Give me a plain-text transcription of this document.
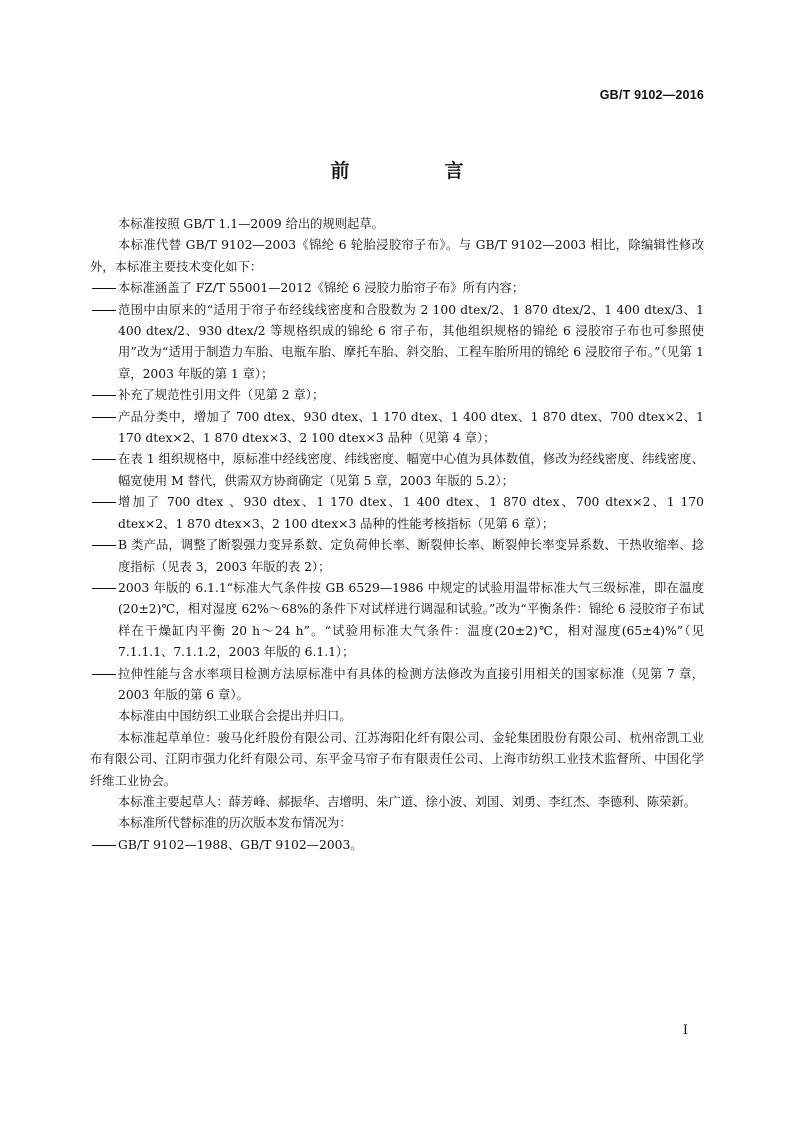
GB/T 9102—2016
前　言

本标准按照 GB/T 1.1—2009 给出的规则起草。

本标准代替 GB/T 9102—2003《锦纶 6 轮胎浸胶帘子布》。与 GB/T 9102—2003 相比，除编辑性修改外，本标准主要技术变化如下：

本标准涵盖了 FZ/T 55001—2012《锦纶 6 浸胶力胎帘子布》所有内容；
范围中由原来的“适用于帘子布经线线密度和合股数为 2 100 dtex/2、1 870 dtex/2、1 400 dtex/3、1 400 dtex/2、930 dtex/2 等规格织成的锦纶 6 帘子布，其他组织规格的锦纶 6 浸胶帘子布也可参照使用”改为“适用于制造力车胎、电瓶车胎、摩托车胎、斜交胎、工程车胎所用的锦纶 6 浸胶帘子布。”（见第 1 章，2003 年版的第 1 章）；
补充了规范性引用文件（见第 2 章）；
产品分类中，增加了 700 dtex、930 dtex、1 170 dtex、1 400 dtex、1 870 dtex、700 dtex×2、1 170 dtex×2、1 870 dtex×3、2 100 dtex×3 品种（见第 4 章）；
在表 1 组织规格中，原标准中经线密度、纬线密度、幅宽中心值为具体数值，修改为经线密度、纬线密度、幅宽使用 M 替代，供需双方协商确定（见第 5 章，2003 年版的 5.2）；
增加了 700 dtex 、930 dtex、1 170 dtex、1 400 dtex、1 870 dtex、700 dtex×2、1 170 dtex×2、1 870 dtex×3、2 100 dtex×3 品种的性能考核指标（见第 6 章）；
B 类产品，调整了断裂强力变异系数、定负荷伸长率、断裂伸长率、断裂伸长率变异系数、干热收缩率、捻度指标（见表 3，2003 年版的表 2）；
2003 年版的 6.1.1“标准大气条件按 GB 6529—1986 中规定的试验用温带标准大气三级标准，即在温度(20±2)℃，相对湿度 62%～68%的条件下对试样进行调湿和试验。”改为“平衡条件：锦纶 6 浸胶帘子布试样在干燥缸内平衡 20 h～24 h”。“试验用标准大气条件：温度(20±2)℃，相对湿度(65±4)%”（见 7.1.1.1、7.1.1.2，2003 年版的 6.1.1）；
拉伸性能与含水率项目检测方法原标准中有具体的检测方法修改为直接引用相关的国家标准（见第 7 章，2003 年版的第 6 章）。

本标准由中国纺织工业联合会提出并归口。

本标准起草单位：骏马化纤股份有限公司、江苏海阳化纤有限公司、金轮集团股份有限公司、杭州帝凯工业布有限公司、江阴市强力化纤有限公司、东平金马帘子布有限责任公司、上海市纺织工业技术监督所、中国化学纤维工业协会。

本标准主要起草人：薛芳峰、郝振华、吉增明、朱广道、徐小波、刘国、刘勇、李红杰、李德利、陈荣新。

本标准所代替标准的历次版本发布情况为：

GB/T 9102—1988、GB/T 9102—2003。
I
